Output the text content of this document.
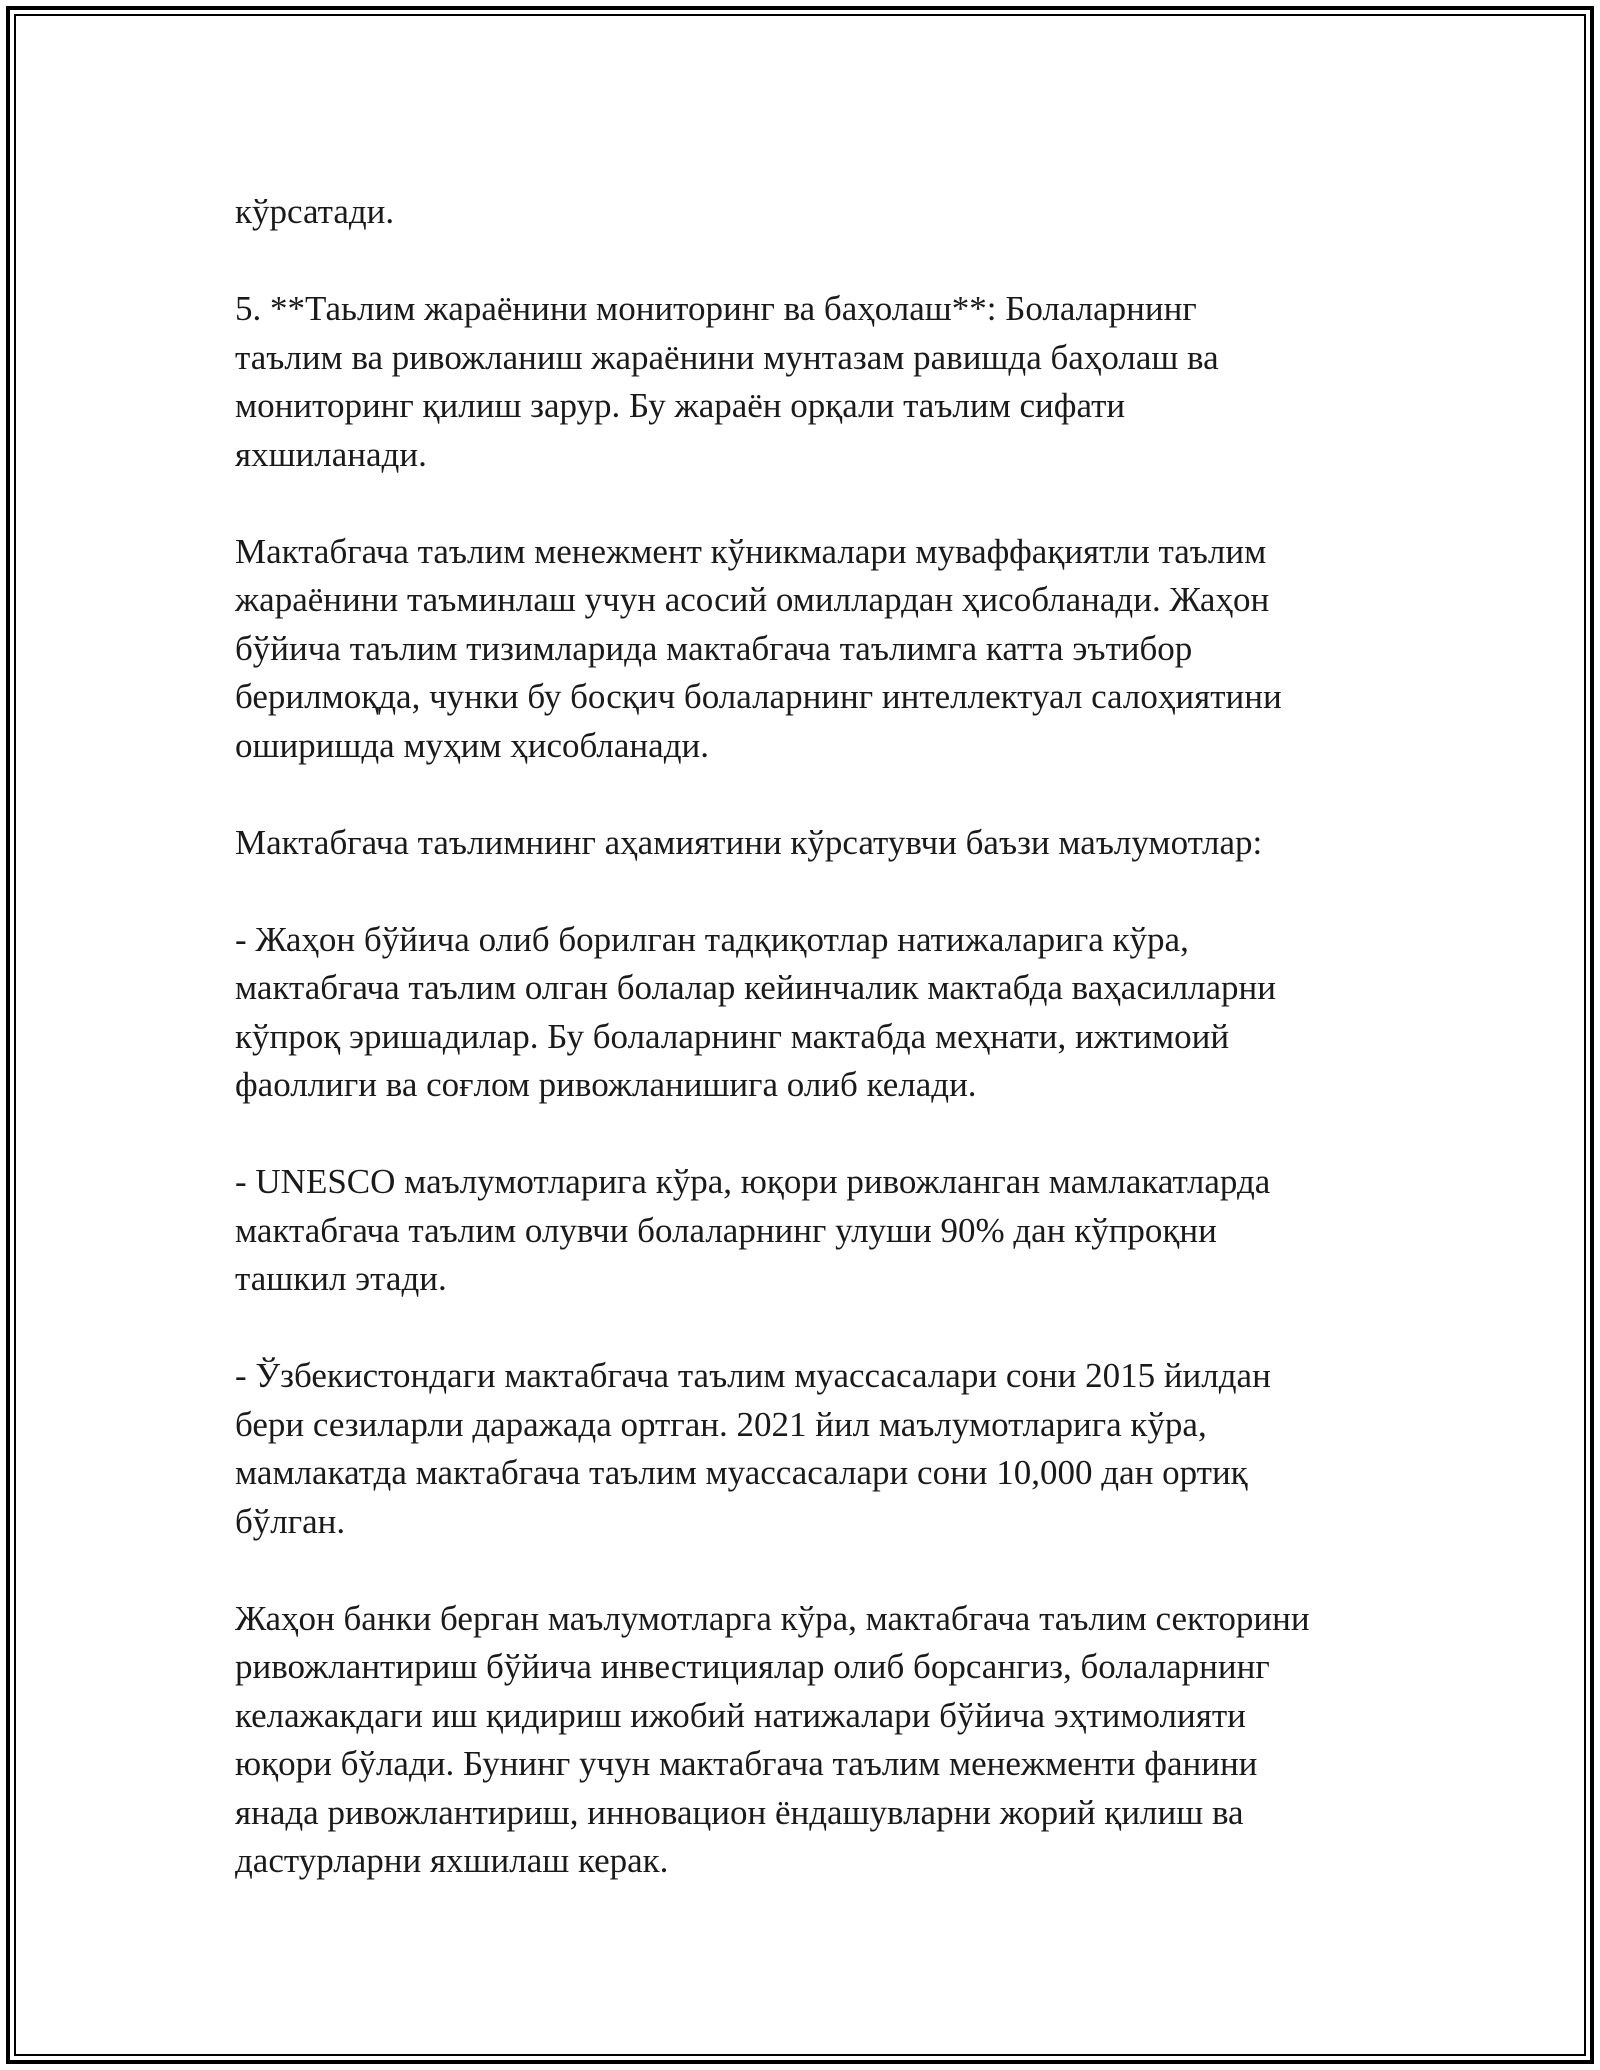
кўрсатади.
5. **Таьлим жараёнини мониторинг ва баҳолаш**: Болаларнинг
таълим ва ривожланиш жараёнини мунтазам равишда баҳолаш ва
мониторинг қилиш зарур. Бу жараён орқали таълим сифати
яхшиланади.
Мактабгача таълим менежмент кўникмалари муваффақиятли таълим
жараёнини таъминлаш учун асосий омиллардан ҳисобланади. Жаҳон
бўйича таълим тизимларида мактабгача таълимга катта эътибор
берилмоқда, чунки бу босқич болаларнинг интеллектуал салоҳиятини
оширишда муҳим ҳисобланади.
Мактабгача таълимнинг аҳамиятини кўрсатувчи баъзи маълумотлар:
- Жаҳон бўйича олиб борилган тадқиқотлар натижаларига кўра,
мактабгача таълим олган болалар кейинчалик мактабда ваҳасилларни
кўпроқ эришадилар. Бу болаларнинг мактабда меҳнати, ижтимоий
фаоллиги ва соғлом ривожланишига олиб келади.
- UNESCO маълумотларига кўра, юқори ривожланган мамлакатларда
мактабгача таълим олувчи болаларнинг улуши 90% дан кўпроқни
ташкил этади.
- Ўзбекистондаги мактабгача таълим муассасалари сони 2015 йилдан
бери сезиларли даражада ортган. 2021 йил маълумотларига кўра,
мамлакатда мактабгача таълим муассасалари сони 10,000 дан ортиқ
бўлган.
Жаҳон банки берган маълумотларга кўра, мактабгача таълим секторини
ривожлантириш бўйича инвестициялар олиб борсангиз, болаларнинг
келажакдаги иш қидириш ижобий натижалари бўйича эҳтимолияти
юқори бўлади. Бунинг учун мактабгача таълим менежменти фанини
янада ривожлантириш, инновацион ёндашувларни жорий қилиш ва
дастурларни яхшилаш керак.
